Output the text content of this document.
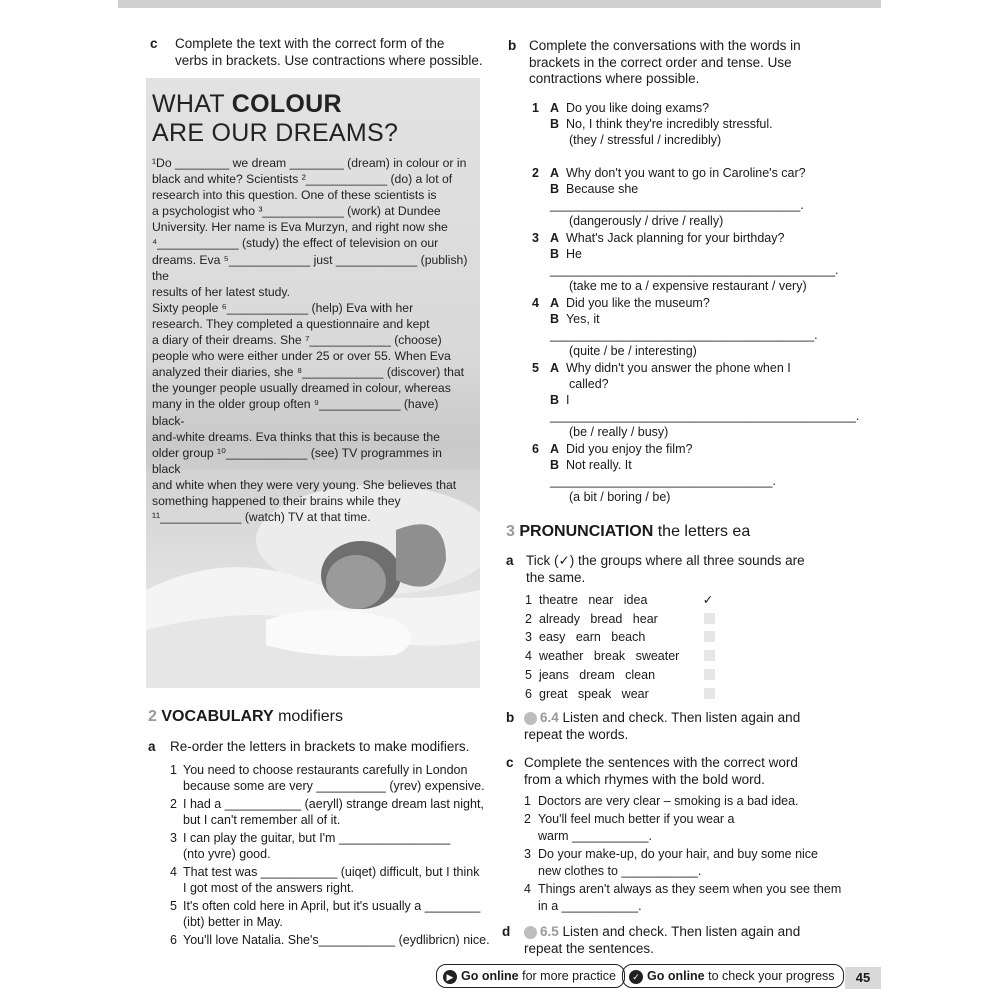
c Complete the text with the correct form of the
verbs in brackets. Use contractions where possible.
WHAT COLOUR
ARE OUR DREAMS?

¹Do ________ we dream ________ (dream) in colour or in

black and white? Scientists ²____________ (do) a lot of

research into this question. One of these scientists is

a psychologist who ³____________ (work) at Dundee

University. Her name is Eva Murzyn, and right now she

⁴____________ (study) the effect of television on our

dreams. Eva ⁵____________ just ____________ (publish) the

results of her latest study.

Sixty people ⁶____________ (help) Eva with her

research. They completed a questionnaire and kept

a diary of their dreams. She ⁷____________ (choose)

people who were either under 25 or over 55. When Eva

analyzed their diaries, she ⁸____________ (discover) that

the younger people usually dreamed in colour, whereas

many in the older group often ⁹____________ (have) black-

and-white dreams. Eva thinks that this is because the

older group ¹⁰____________ (see) TV programmes in black

and white when they were very young. She believes that

something happened to their brains while they

¹¹____________ (watch) TV at that time.

2 VOCABULARY modifiers
a Re-order the letters in brackets to make modifiers.
1 You need to choose restaurants carefully in London
because some are very __________ (yrev) expensive.
2 I had a ___________ (aeryll) strange dream last night,
but I can't remember all of it.
3 I can play the guitar, but I'm ________________
(nto yvre) good.
4 That test was ___________ (uiqet) difficult, but I think
I got most of the answers right.
5 It's often cold here in April, but it's usually a ________
(ibt) better in May.
6 You'll love Natalia. She's___________ (eydlibricn) nice.
b Complete the conversations with the words in
brackets in the correct order and tense. Use
contractions where possible.
1 A Do you like doing exams?
B No, I think they're incredibly stressful.
(they / stressful / incredibly)
2 A Why don't you want to go in Caroline's car?
B Because she ____________________________________.
(dangerously / drive / really)
3 A What's Jack planning for your birthday?
B He _________________________________________.
(take me to a / expensive restaurant / very)
4 A Did you like the museum?
B Yes, it ______________________________________.
(quite / be / interesting)
5 A Why didn't you answer the phone when I
called?
B I ____________________________________________.
(be / really / busy)
6 A Did you enjoy the film?
B Not really. It ________________________________.
(a bit / boring / be)
3 PRONUNCIATION the letters ea
a Tick (✓) the groups where all three sounds are
the same.
1 theatre   near   idea	✓
2 already   bread   hear
3 easy   earn   beach
4 weather   break   sweater
5 jeans   dream   clean
6 great   speak   wear
b	6.4 Listen and check. Then listen again and
repeat the words.
c Complete the sentences with the correct word
from a which rhymes with the bold word.
1 Doctors are very clear – smoking is a bad idea.
2 You'll feel much better if you wear a
warm ___________.
3 Do your make-up, do your hair, and buy some nice
new clothes to ___________.
4 Things aren't always as they seem when you see them
in a ___________.
d	6.5 Listen and check. Then listen again and
repeat the sentences.
▶ Go online for more practice	✓ Go online to check your progress	45
